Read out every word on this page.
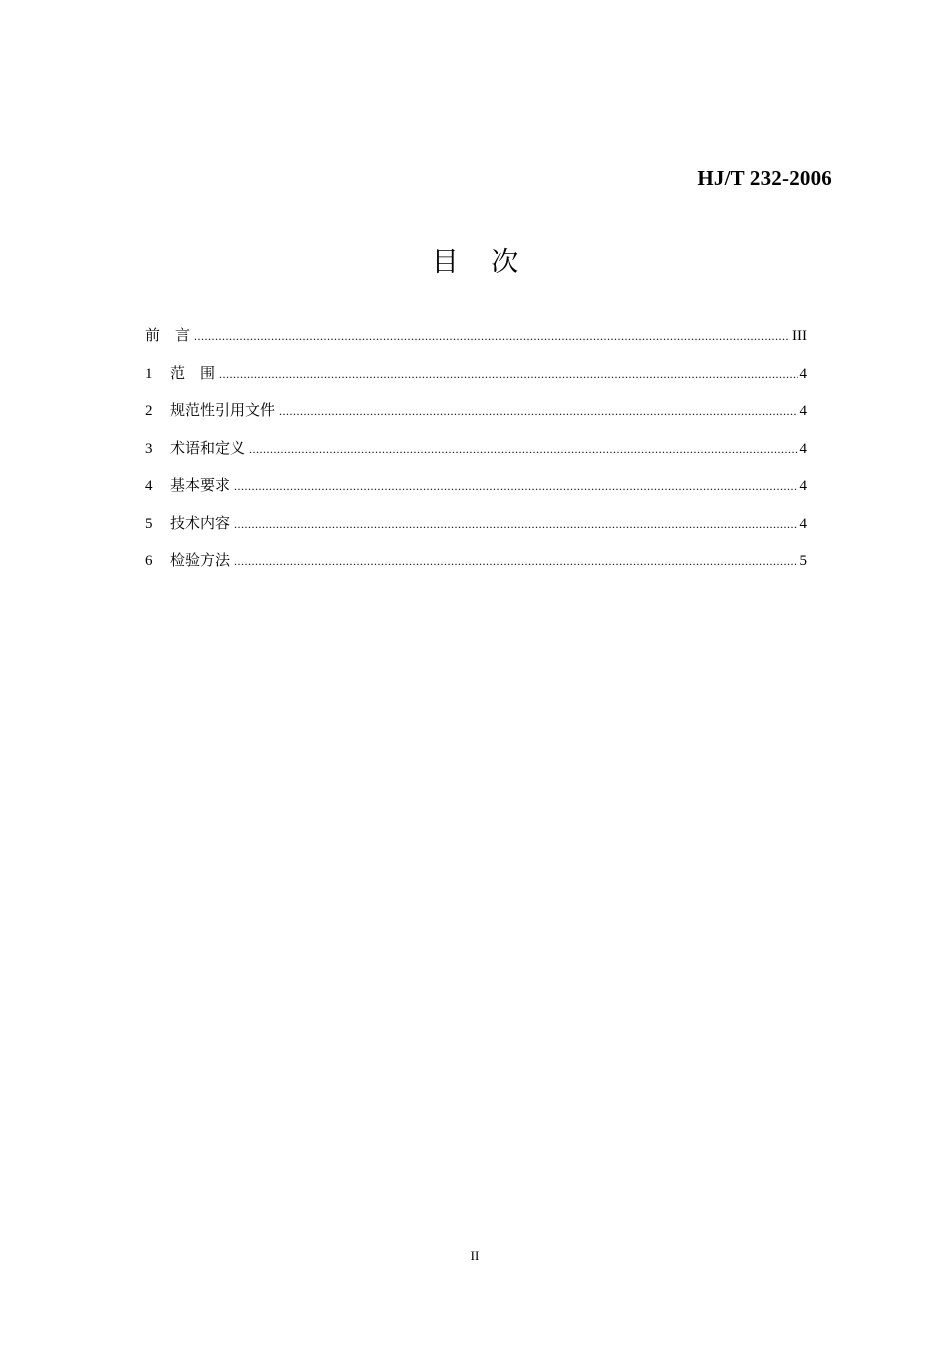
HJ/T 232-2006
目 次
前　言 .....	III
1	范　围 .....	4
2	规范性引用文件 .....	4
3	术语和定义 .....	4
4	基本要求 .....	4
5	技术内容 .....	4
6	检验方法 .....	5
II
